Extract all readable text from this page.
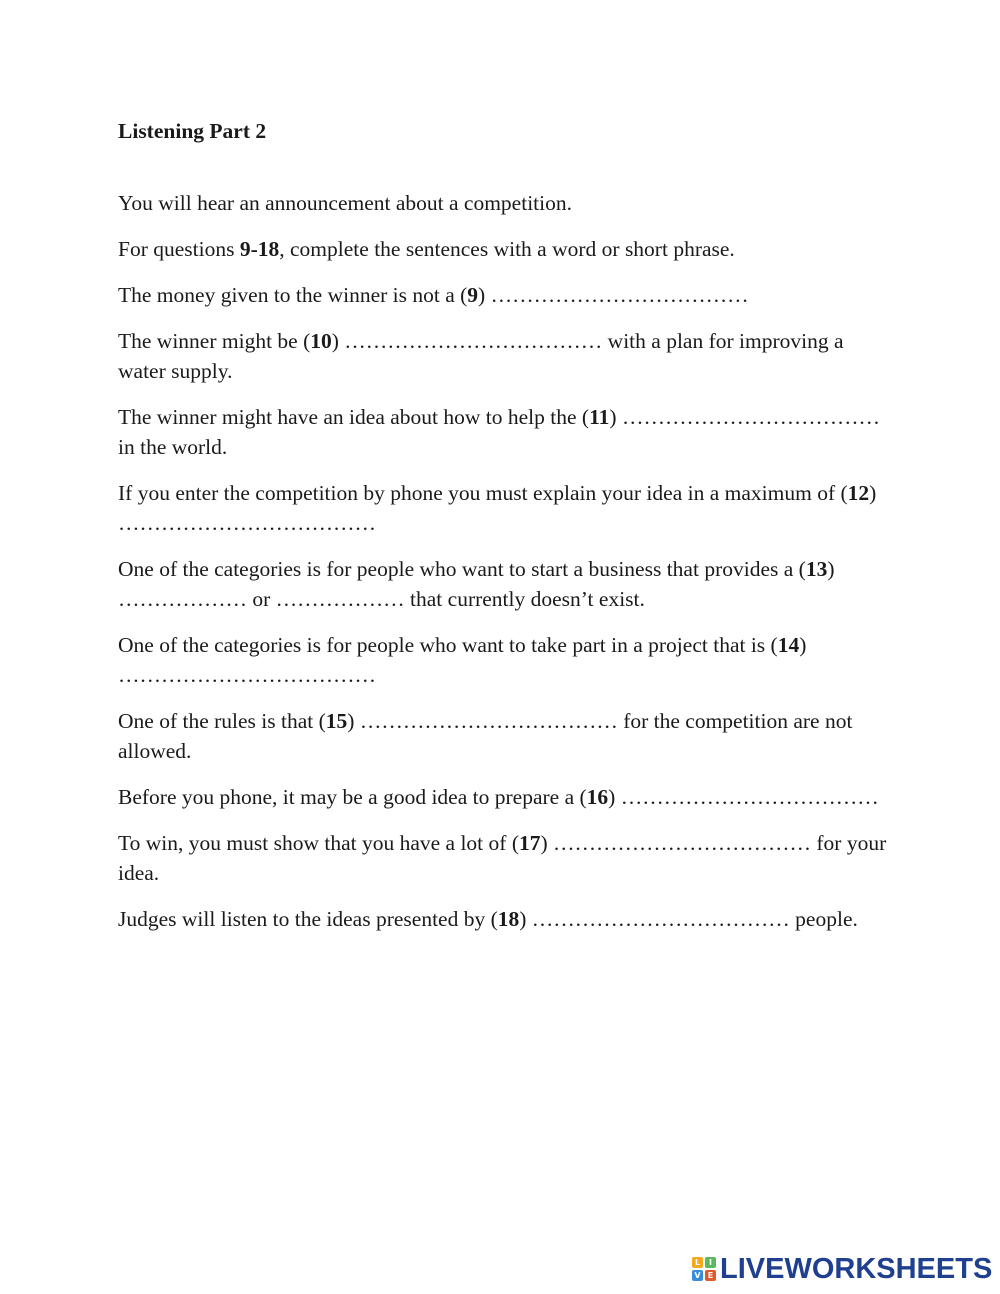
Listening Part 2

You will hear an announcement about a competition.

For questions 9-18, complete the sentences with a word or short phrase.

The money given to the winner is not a (9) ………………………………

The winner might be (10) ……………………………… with a plan for improving a water supply.

The winner might have an idea about how to help the (11) ……………………………… in the world.

If you enter the competition by phone you must explain your idea in a maximum of (12) ………………………………

One of the categories is for people who want to start a business that provides a (13) ……………… or ……………… that currently doesn’t exist.

One of the categories is for people who want to take part in a project that is (14) ………………………………

One of the rules is that (15) ……………………………… for the competition are not allowed.

Before you phone, it may be a good idea to prepare a (16) ………………………………

To win, you must show that you have a lot of (17) ……………………………… for your idea.

Judges will listen to the ideas presented by (18) ……………………………… people.

L	I
V E LIVEWORKSHEETS
